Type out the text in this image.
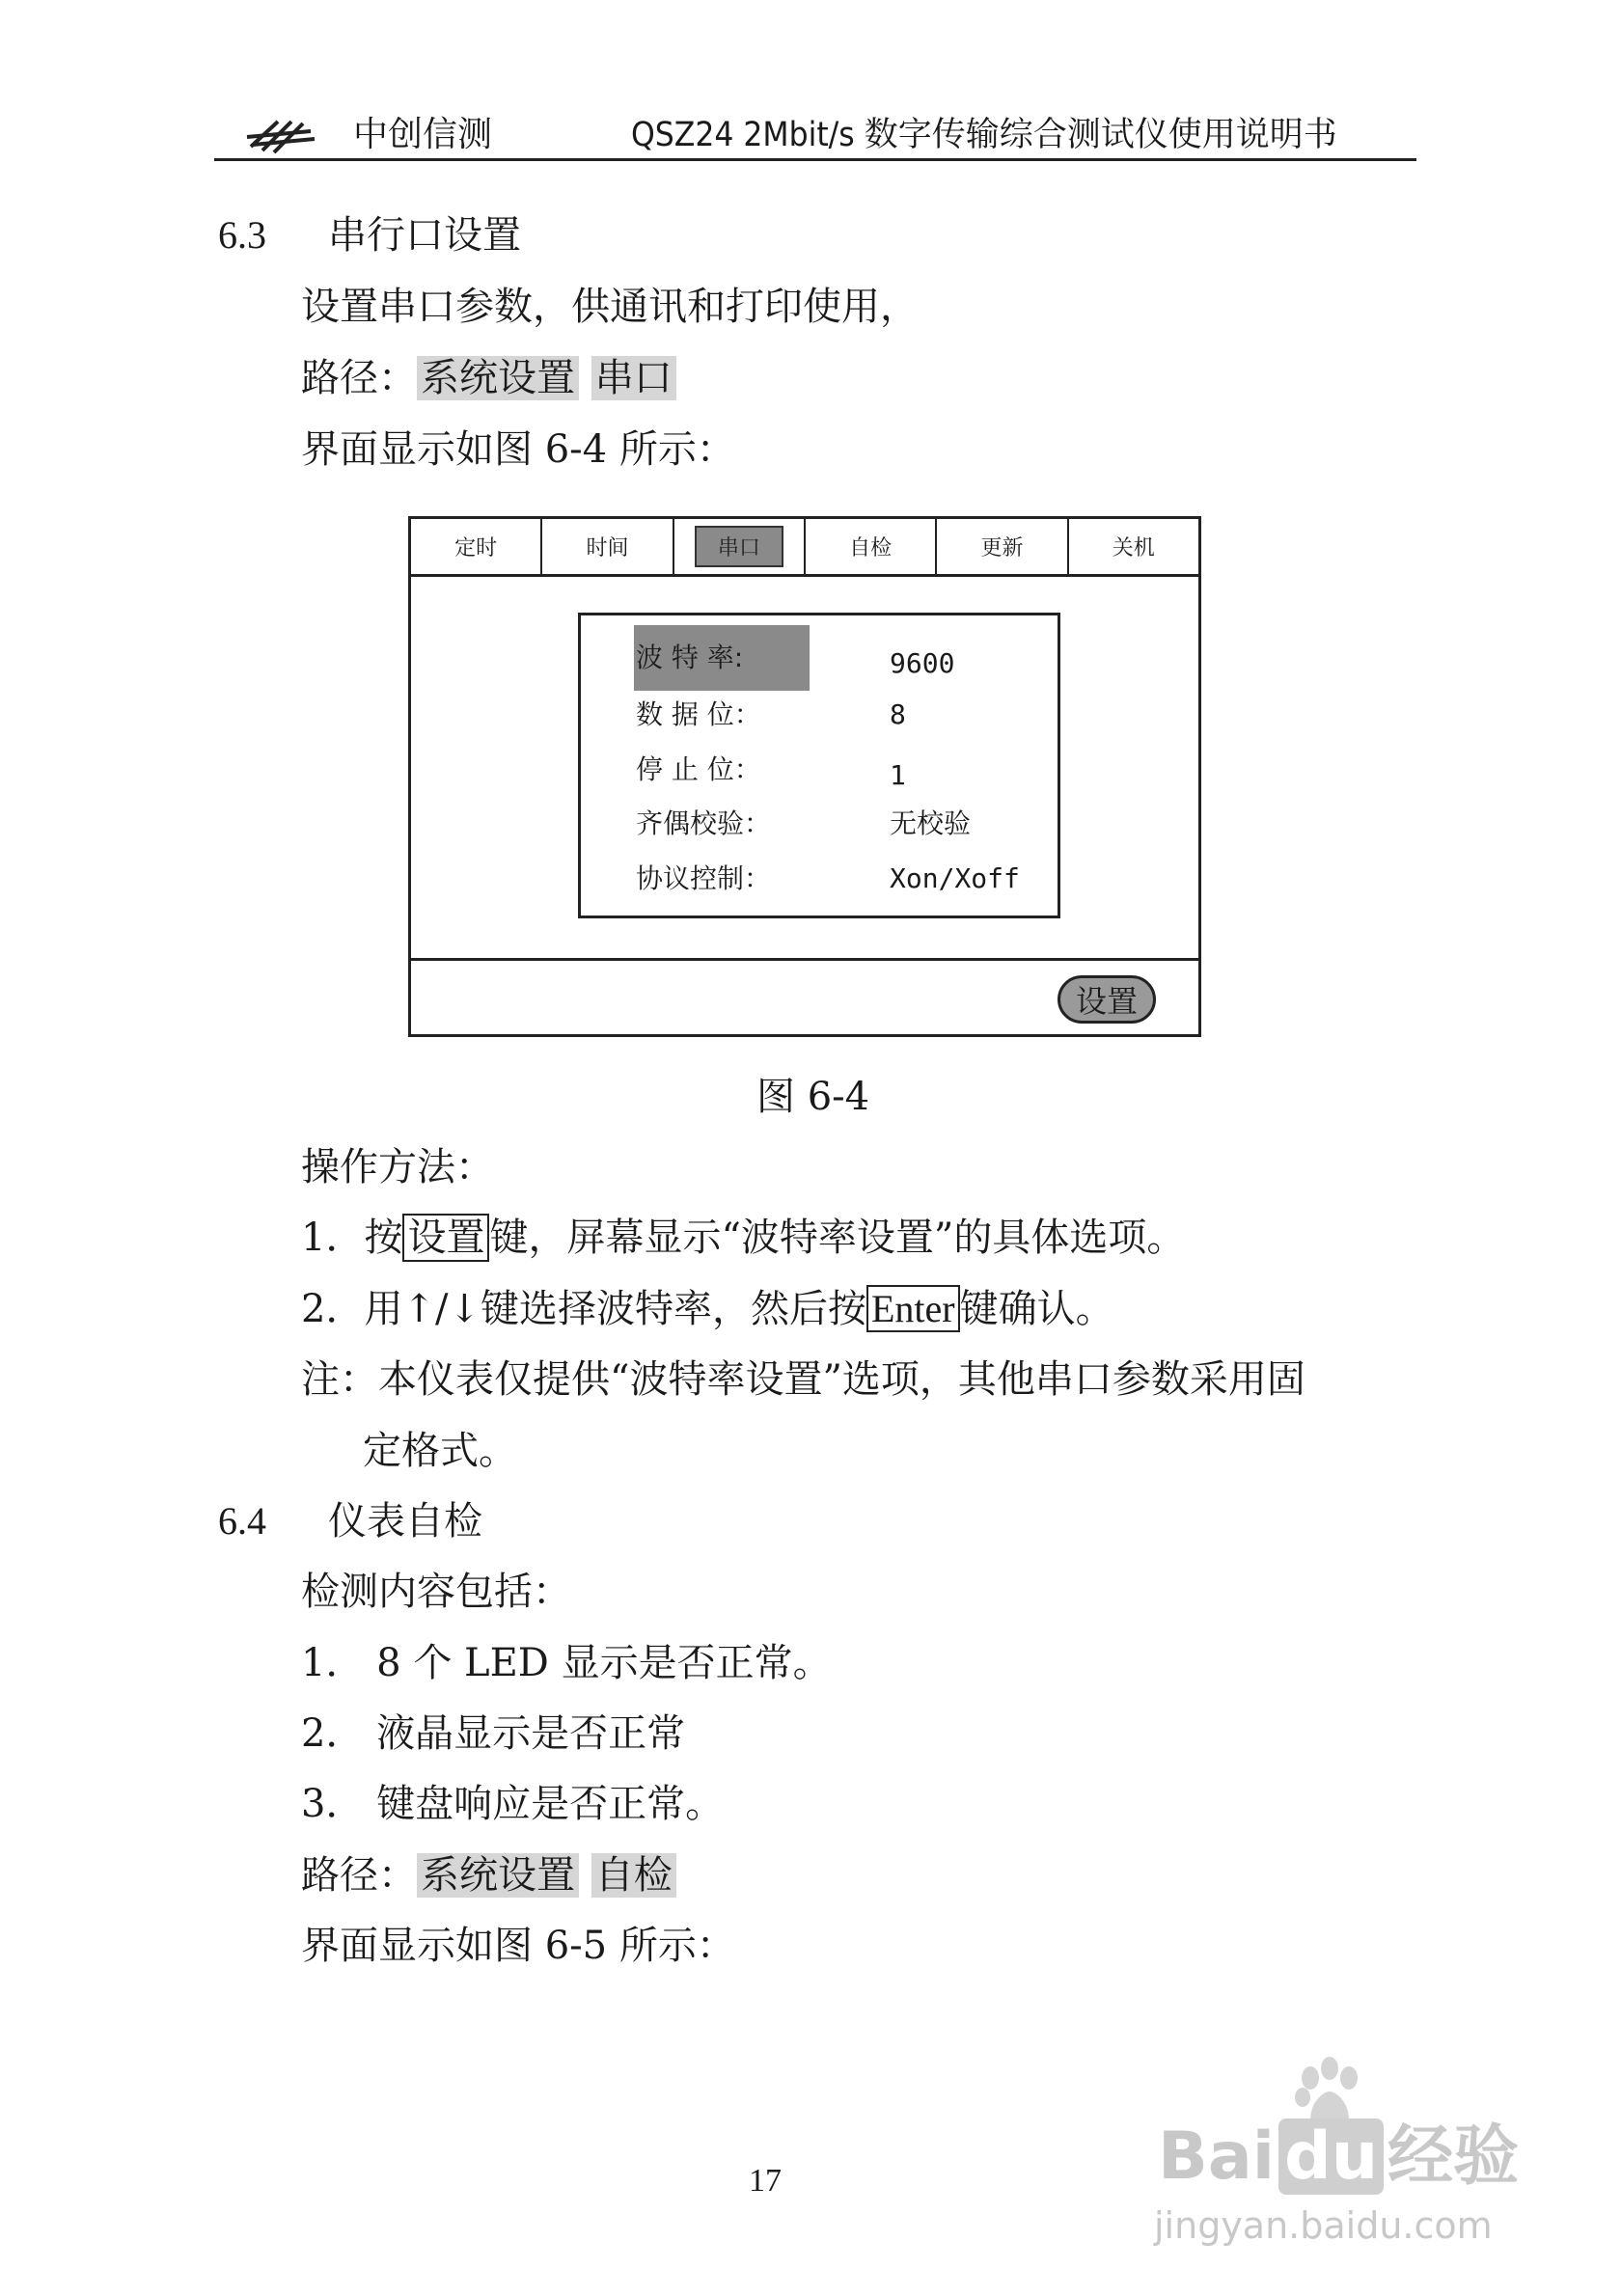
中创信测	QSZ24 2Mbit/s 数字传输综合测试仪使用说明书
6.3 串行口设置
设置串口参数，供通讯和打印使用，
路径： 系统设置 串口
界面显示如图 6-4 所示：
定时	时间	串口	自检	更新	关机
波 特 率:	9600
数 据 位：	8
停 止 位：	1
齐偶校验：	无校验
协议控制：	Xon/Xoff
设置
图 6-4
操作方法：
1．按 设置 键，屏幕显示“波特率设置”的具体选项。
2．用↑/↓键选择波特率，然后按 Enter 键确认。
注：本仪表仅提供“波特率设置”选项，其他串口参数采用固
定格式。
6.4 仪表自检
检测内容包括：
1． 8 个 LED 显示是否正常。
2． 液晶显示是否正常
3． 键盘响应是否正常。
路径： 系统设置 自检
界面显示如图 6-5 所示：
17	Bai du 经验
jingyan.baidu.com
